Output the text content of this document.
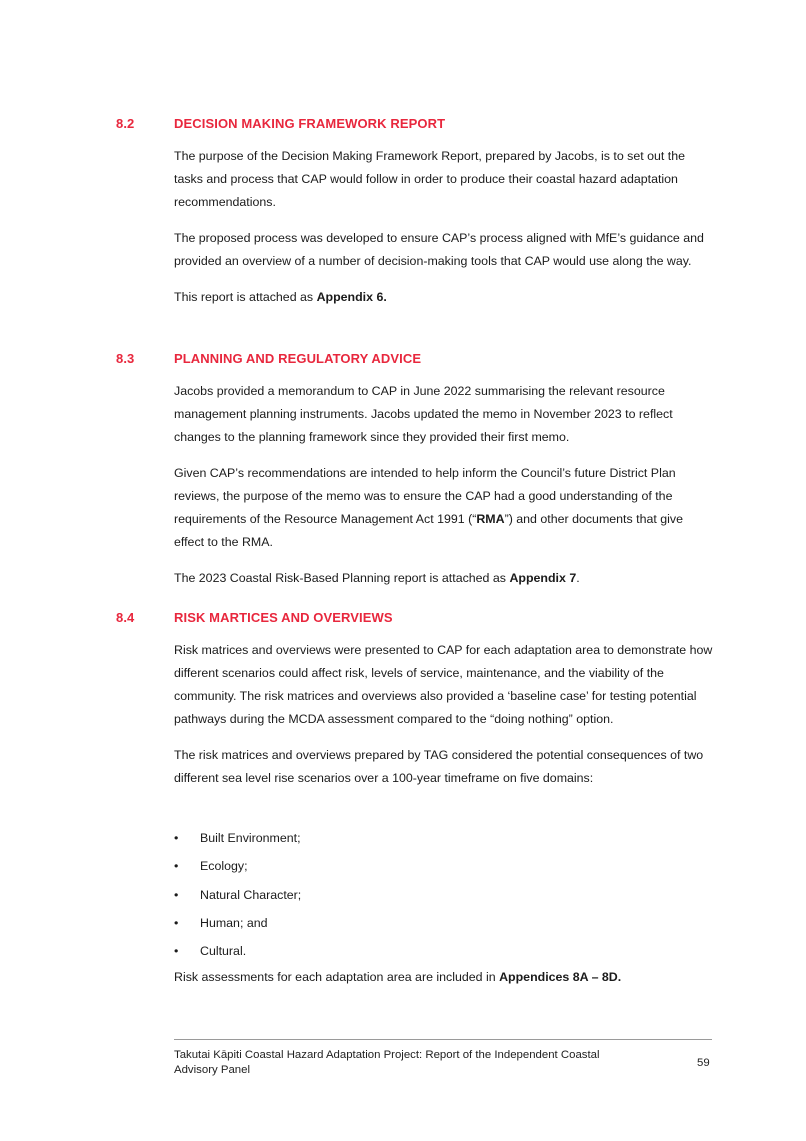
8.2	DECISION MAKING FRAMEWORK REPORT

The purpose of the Decision Making Framework Report, prepared by Jacobs, is to set out the tasks and process that CAP would follow in order to produce their coastal hazard adaptation recommendations.

The proposed process was developed to ensure CAP’s process aligned with MfE’s guidance and provided an overview of a number of decision-making tools that CAP would use along the way.

This report is attached as Appendix 6.

8.3	PLANNING AND REGULATORY ADVICE

Jacobs provided a memorandum to CAP in June 2022 summarising the relevant resource management planning instruments. Jacobs updated the memo in November 2023 to reflect changes to the planning framework since they provided their first memo.

Given CAP’s recommendations are intended to help inform the Council’s future District Plan reviews, the purpose of the memo was to ensure the CAP had a good understanding of the requirements of the Resource Management Act 1991 (“RMA”) and other documents that give effect to the RMA.

The 2023 Coastal Risk-Based Planning report is attached as Appendix 7.

8.4	RISK MARTICES AND OVERVIEWS

Risk matrices and overviews were presented to CAP for each adaptation area to demonstrate how different scenarios could affect risk, levels of service, maintenance, and the viability of the community. The risk matrices and overviews also provided a ‘baseline case’ for testing potential pathways during the MCDA assessment compared to the “doing nothing” option.

The risk matrices and overviews prepared by TAG considered the potential consequences of two different sea level rise scenarios over a 100-year timeframe on five domains:

•	Built Environment;
•	Ecology;
•	Natural Character;
•	Human; and
•	Cultural.

Risk assessments for each adaptation area are included in Appendices 8A – 8D.

Takutai Kāpiti Coastal Hazard Adaptation Project: Report of the Independent Coastal Advisory Panel
59
